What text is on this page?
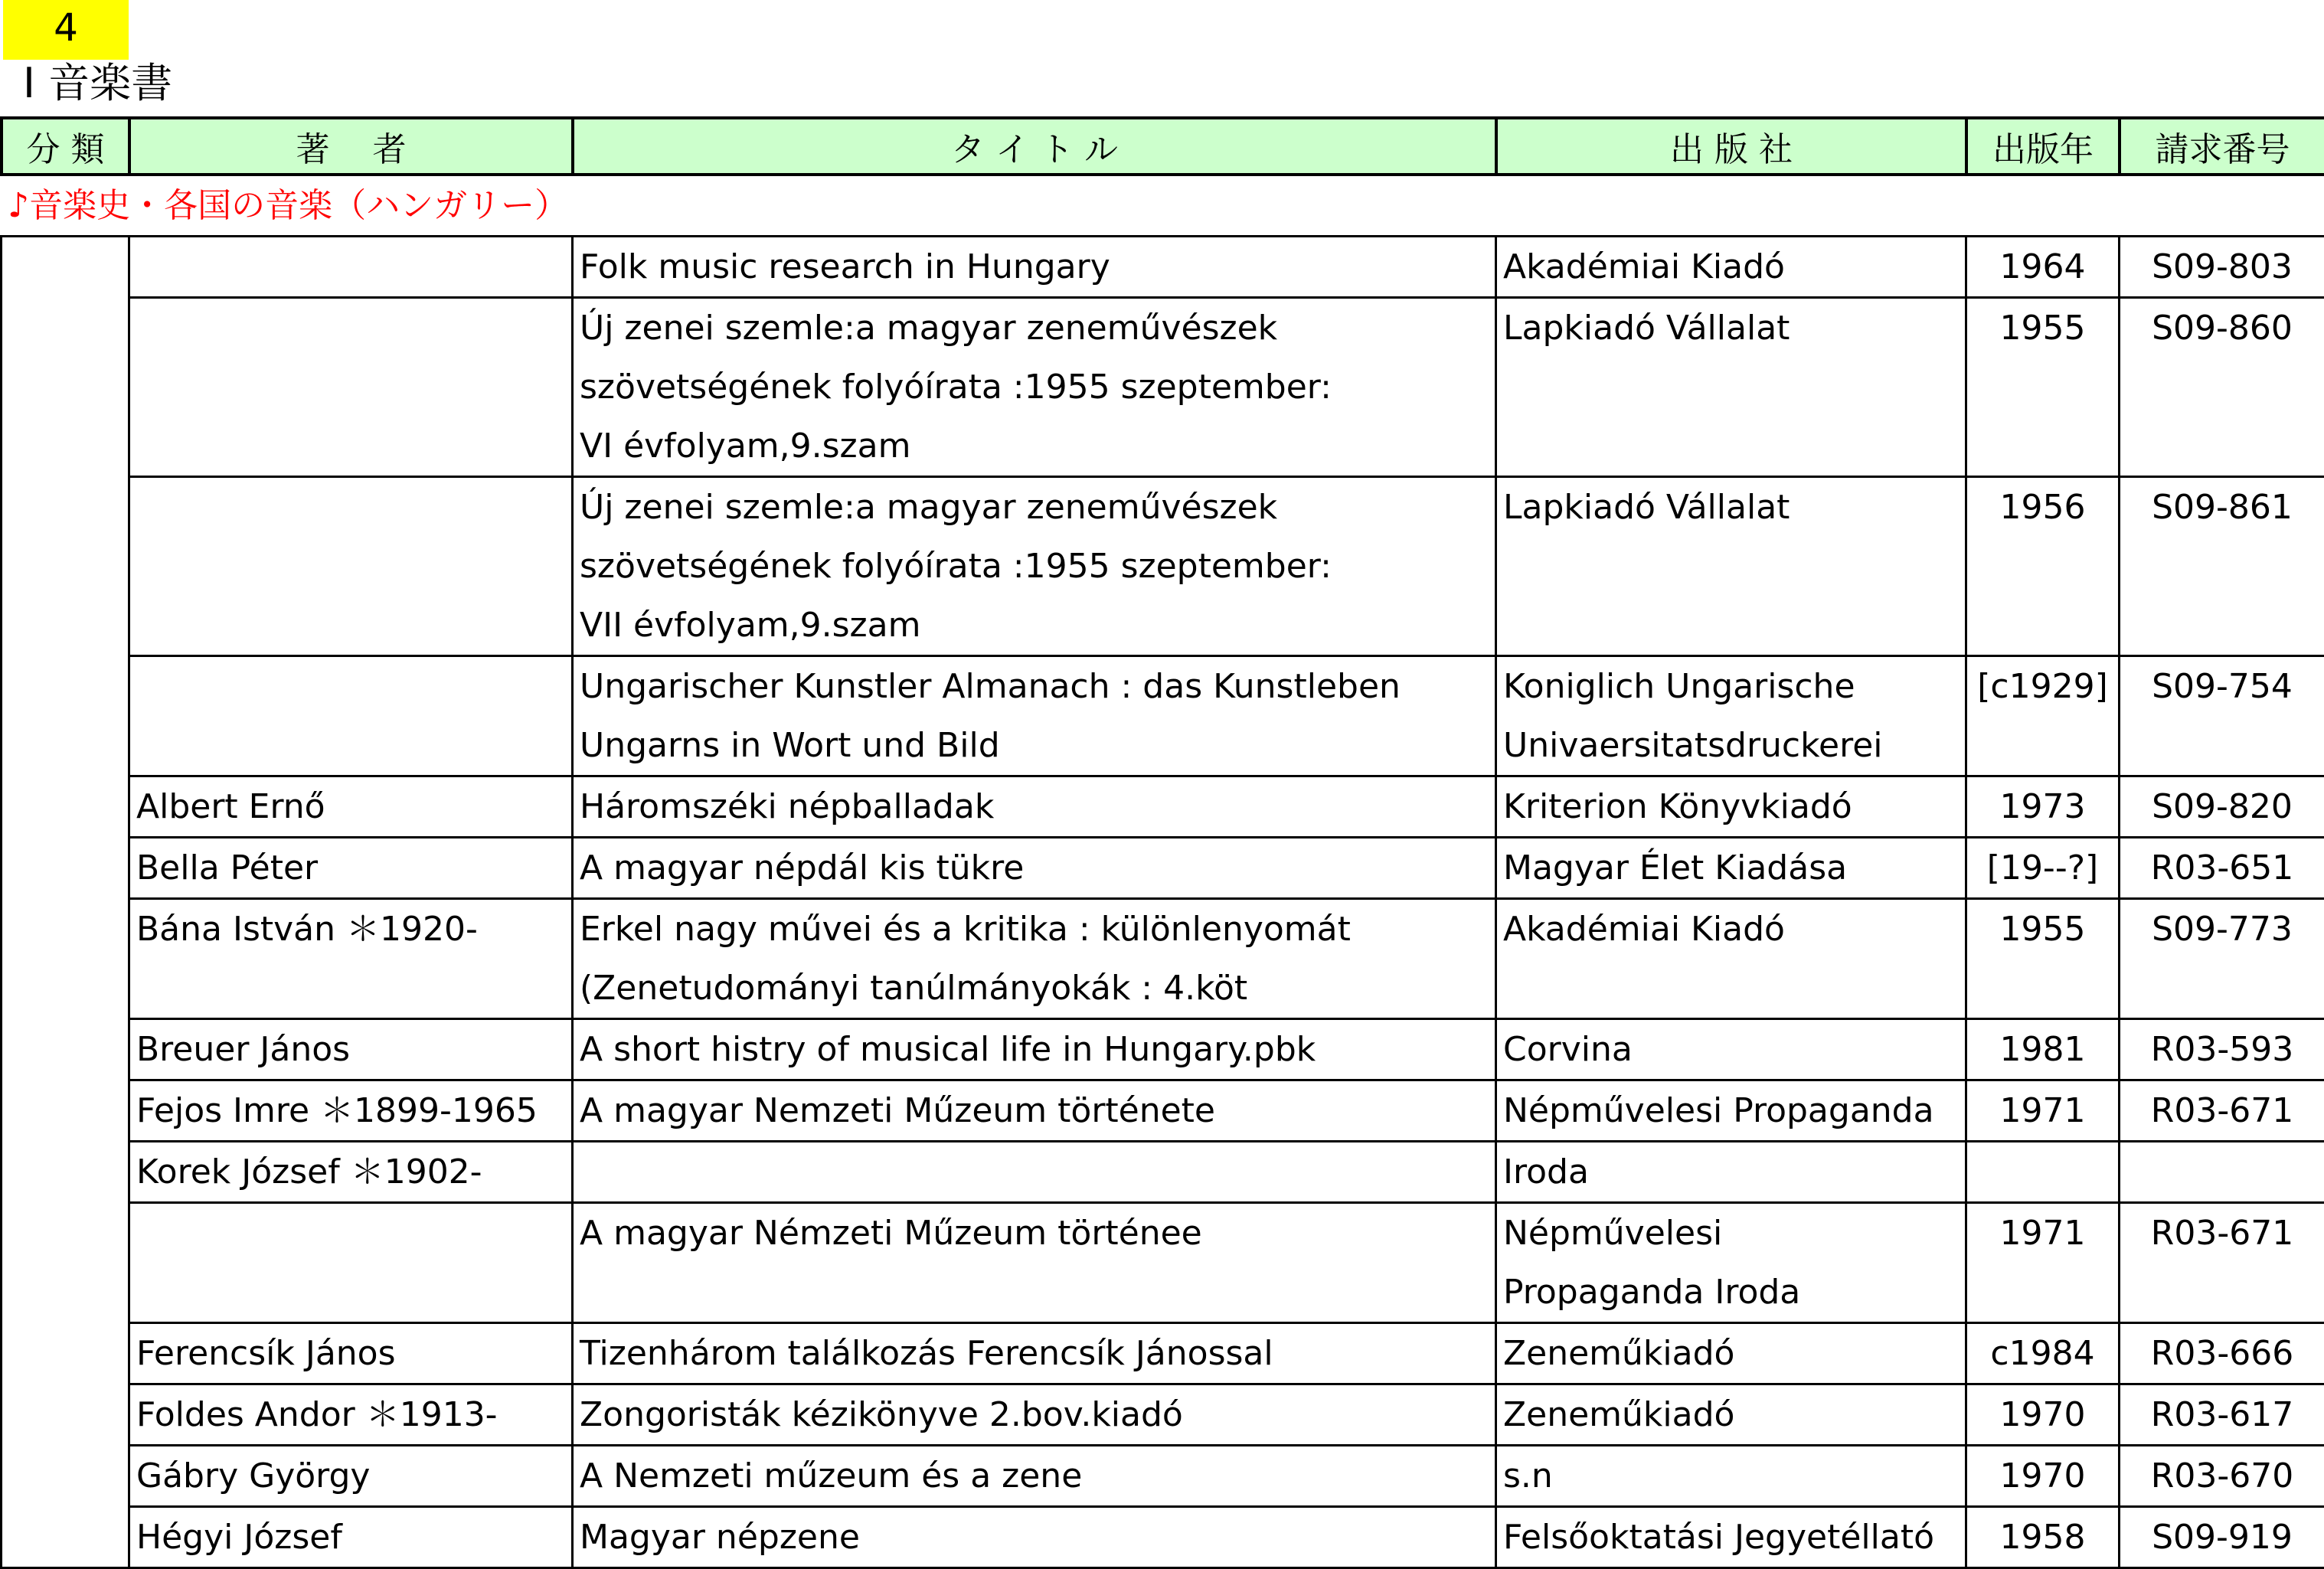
4
Ⅰ 音楽書
分 類	著    者	タ イ ト ル	出 版 社	出版年	請求番号
♪音楽史・各国の音楽（ハンガリー）

		Folk music research in Hungary	Akadémiai Kiadó	1964	S09-803

		Új zenei szemle:a magyar zeneművészek
szövetségének folyóírata :1955 szeptember:
VI évfolyam,9.szam	Lapkiadó Vállalat	1955	S09-860

		Új zenei szemle:a magyar zeneművészek
szövetségének folyóírata :1955 szeptember:
VII évfolyam,9.szam	Lapkiadó Vállalat	1956	S09-861

		Ungarischer Kunstler Almanach : das Kunstleben
Ungarns in Wort und Bild	Koniglich Ungarische
Univaersitatsdruckerei	[c1929]	S09-754
	Albert Ernő	Háromszéki népballadak	Kriterion Könyvkiadó	1973	S09-820
	Bella Péter	A magyar népdál kis tükre	Magyar Élet Kiadása	[19--?]	R03-651
	Bána István ＊1920-	Erkel nagy művei és a kritika : különlenyomát
(Zenetudományi tanúlmányokák : 4.köt	Akadémiai Kiadó	1955	S09-773
	Breuer János	A short histry of musical life in Hungary.pbk	Corvina	1981	R03-593
	Fejos Imre ＊1899-1965	A magyar Nemzeti Műzeum története	Népművelesi Propaganda	1971	R03-671
	Korek József ＊1902-		Iroda		

		A magyar Némzeti Műzeum történee	Népművelesi
Propaganda Iroda	1971	R03-671
	Ferencsík János	Tizenhárom találkozás Ferencsík Jánossal	Zeneműkiadó	c1984	R03-666
	Foldes Andor ＊1913-	Zongoristák kézikönyve 2.bov.kiadó	Zeneműkiadó	1970	R03-617
	Gábry György	A Nemzeti műzeum és a zene	s.n	1970	R03-670
	Hégyi József	Magyar népzene	Felsőoktatási Jegyetéllató	1958	S09-919
